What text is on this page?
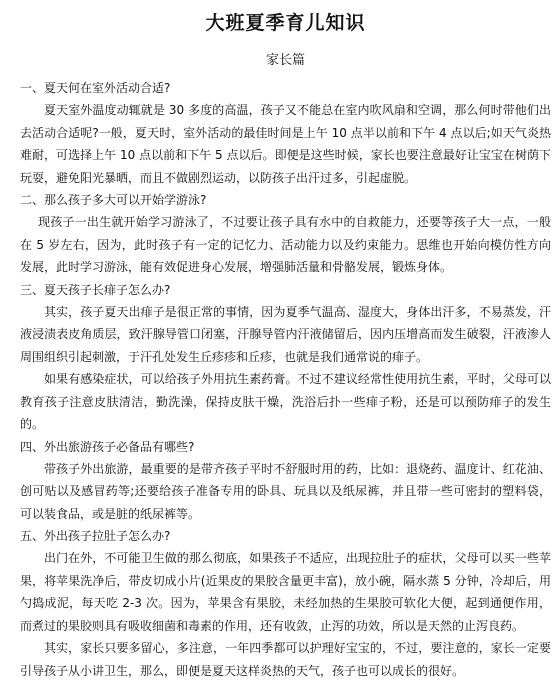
大班夏季育儿知识
家长篇
一、夏天何在室外活动合适?

夏天室外温度动辄就是 30 多度的高温，孩子又不能总在室内吹风扇和空调，那么何时带他们出去活动合适呢?一般，夏天时，室外活动的最佳时间是上午 10 点半以前和下午 4 点以后;如天气炎热难耐，可选择上午 10 点以前和下午 5 点以后。即便是这些时候，家长也要注意最好让宝宝在树荫下玩耍，避免阳光暴晒，而且不做剧烈运动，以防孩子出汗过多，引起虚脱。

二、那么孩子多大可以开始学游泳?

现孩子一出生就开始学习游泳了，不过要让孩子具有水中的自救能力，还要等孩子大一点，一般在 5 岁左右，因为，此时孩子有一定的记忆力、活动能力以及约束能力。思维也开始向模仿性方向发展，此时学习游泳，能有效促进身心发展，增强肺活量和骨骼发展，锻炼身体。

三、夏天孩子长痱子怎么办?

其实，孩子夏天出痱子是很正常的事情，因为夏季气温高、湿度大，身体出汗多，不易蒸发，汗液浸渍表皮角质层，致汗腺导管口闭塞，汗腺导管内汗液储留后，因内压增高而发生破裂，汗液渗人周围组织引起刺激，于汗孔处发生丘疹疹和丘疹，也就是我们通常说的痱子。

如果有感染症状，可以给孩子外用抗生素药膏。不过不建议经常性使用抗生素，平时，父母可以教育孩子注意皮肤清洁，勤洗澡，保持皮肤干燥，洗浴后扑一些痱子粉，还是可以预防痱子的发生的。

四、外出旅游孩子必备品有哪些?

带孩子外出旅游，最重要的是带齐孩子平时不舒服时用的药，比如：退烧药、温度计、红花油、创可贴以及感冒药等;还要给孩子准备专用的卧具、玩具以及纸尿裤，并且带一些可密封的塑料袋，可以装食品，或是脏的纸尿裤等。

五、外出孩子拉肚子怎么办?

出门在外，不可能卫生做的那么彻底，如果孩子不适应，出现拉肚子的症状，父母可以买一些苹果，将苹果洗净后，带皮切成小片(近果皮的果胶含量更丰富)，放小碗，隔水蒸 5 分钟，冷却后，用勺捣成泥，每天吃 2-3 次。因为，苹果含有果胶，未经加热的生果胶可软化大便，起到通便作用，而煮过的果胶则具有吸收细菌和毒素的作用，还有收敛，止泻的功效，所以是天然的止泻良药。

其实，家长只要多留心，多注意，一年四季都可以护理好宝宝的，不过，要注意的，家长一定要引导孩子从小讲卫生，那么，即便是夏天这样炎热的天气，孩子也可以成长的很好。
